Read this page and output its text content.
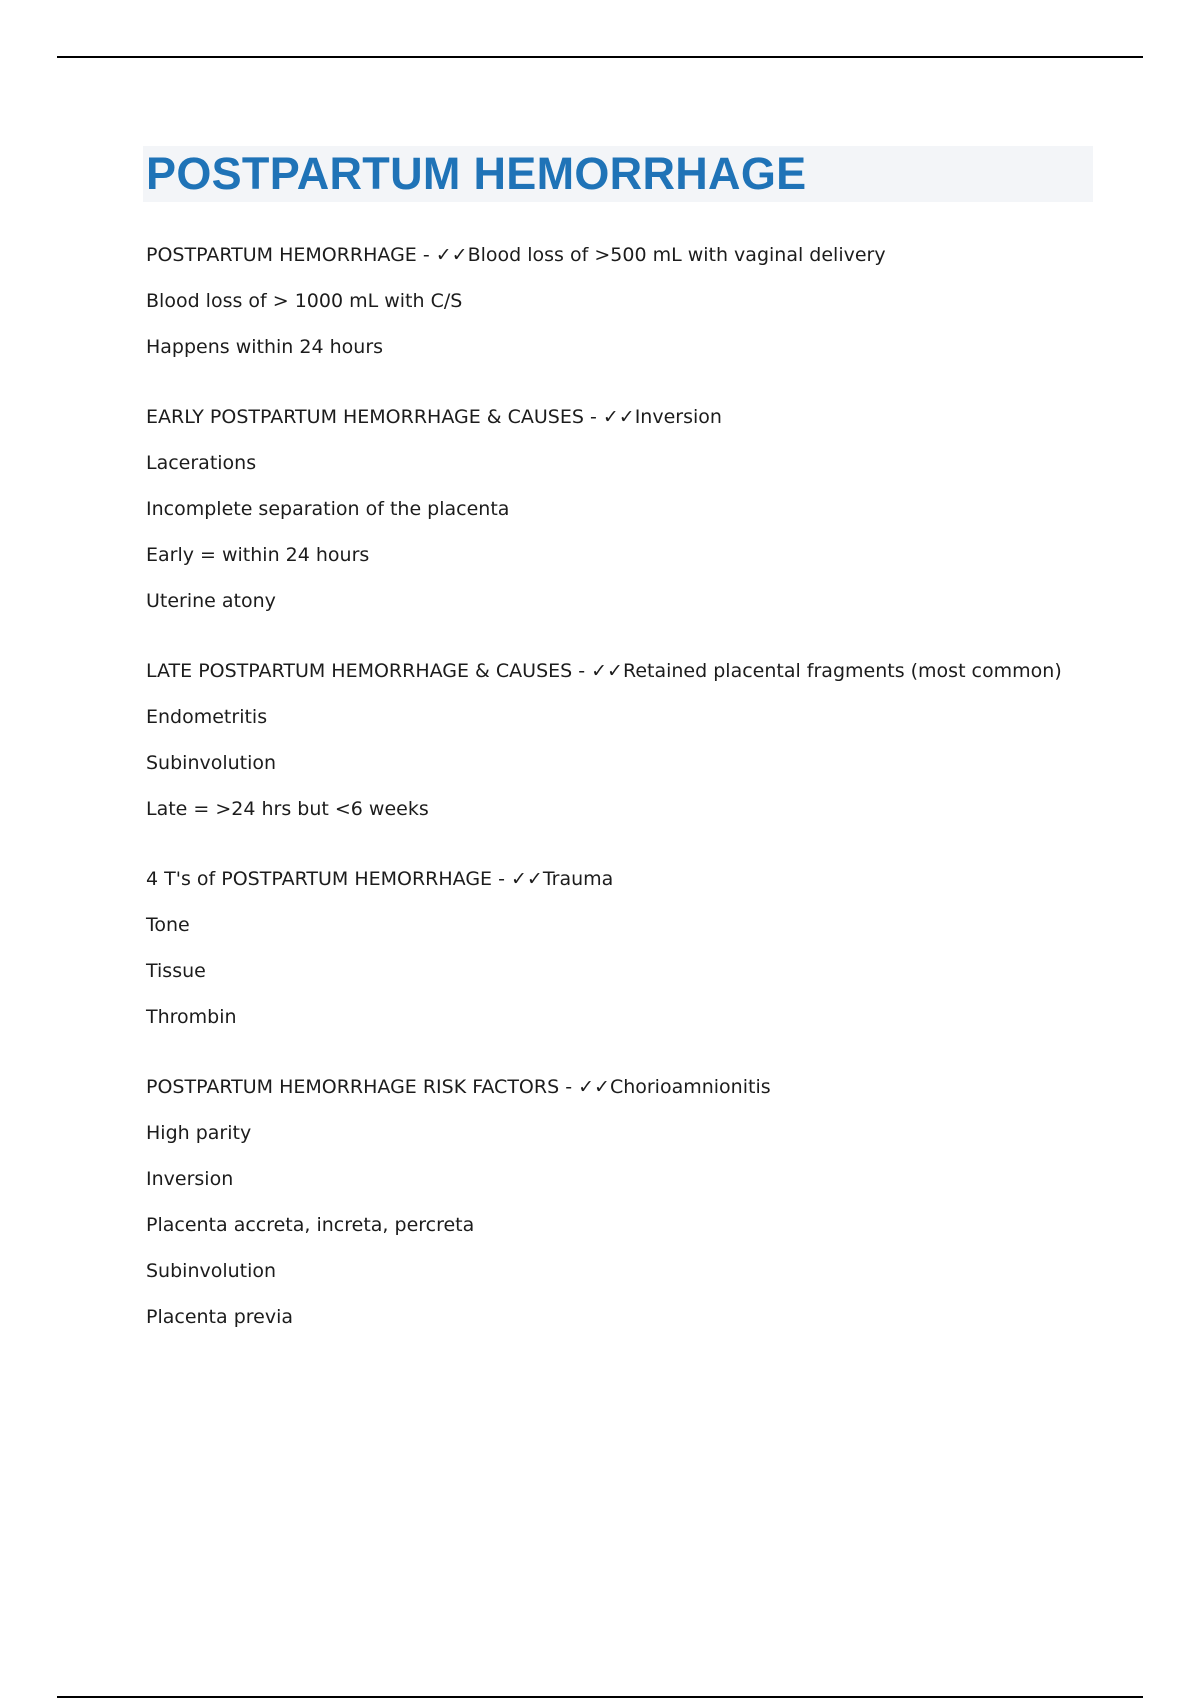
POSTPARTUM HEMORRHAGE
POSTPARTUM HEMORRHAGE - ✓✓Blood loss of >500 mL with vaginal delivery
Blood loss of > 1000 mL with C/S
Happens within 24 hours
EARLY POSTPARTUM HEMORRHAGE & CAUSES - ✓✓Inversion
Lacerations
Incomplete separation of the placenta
Early = within 24 hours
Uterine atony
LATE POSTPARTUM HEMORRHAGE & CAUSES - ✓✓Retained placental fragments (most common)
Endometritis
Subinvolution
Late = >24 hrs but <6 weeks
4 T's of POSTPARTUM HEMORRHAGE - ✓✓Trauma
Tone
Tissue
Thrombin
POSTPARTUM HEMORRHAGE RISK FACTORS - ✓✓Chorioamnionitis
High parity
Inversion
Placenta accreta, increta, percreta
Subinvolution
Placenta previa
